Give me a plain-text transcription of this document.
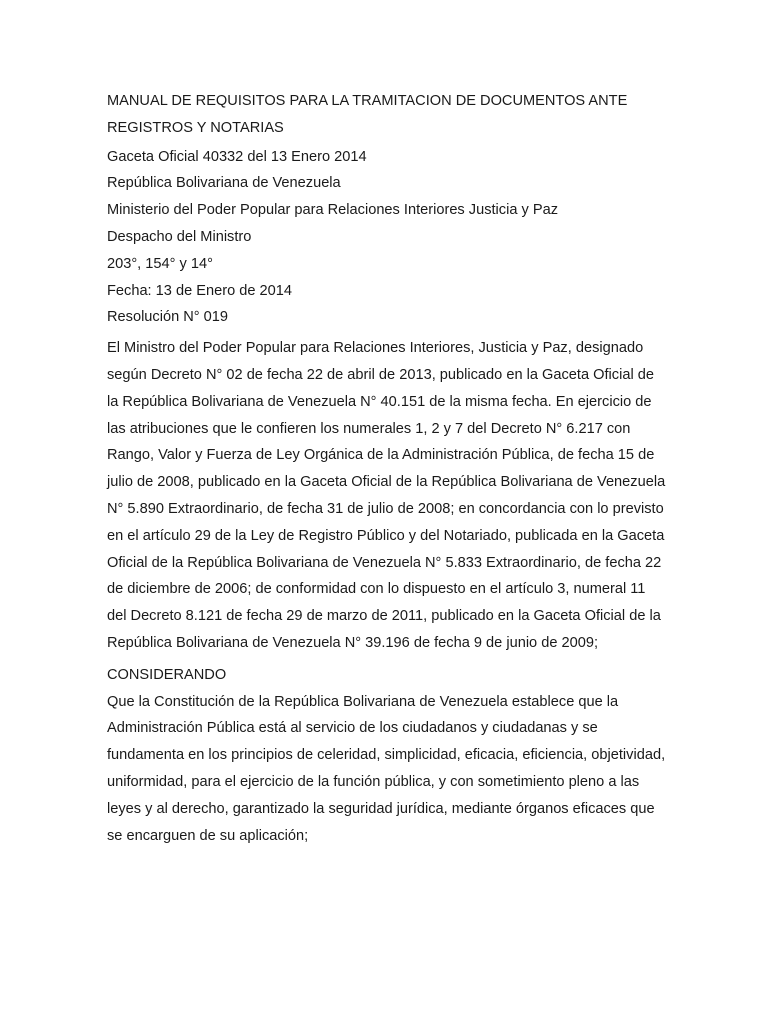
MANUAL DE REQUISITOS PARA LA TRAMITACION DE DOCUMENTOS ANTE REGISTROS Y NOTARIAS
Gaceta Oficial 40332 del 13 Enero 2014
República Bolivariana de Venezuela
Ministerio del Poder Popular para Relaciones Interiores Justicia y Paz
Despacho del Ministro
203°, 154° y 14°
Fecha: 13 de Enero de 2014
Resolución N° 019

El Ministro del Poder Popular para Relaciones Interiores, Justicia y Paz, designado según Decreto N° 02 de fecha 22 de abril de 2013, publicado en la Gaceta Oficial de la República Bolivariana de Venezuela N° 40.151 de la misma fecha. En ejercicio de las atribuciones que le confieren los numerales 1, 2 y 7 del Decreto N° 6.217 con Rango, Valor y Fuerza de Ley Orgánica de la Administración Pública, de fecha 15 de julio de 2008, publicado en la Gaceta Oficial de la República Bolivariana de Venezuela N° 5.890 Extraordinario, de fecha 31 de julio de 2008; en concordancia con lo previsto en el artículo 29 de la Ley de Registro Público y del Notariado, publicada en la Gaceta Oficial de la República Bolivariana de Venezuela N° 5.833 Extraordinario, de fecha 22 de diciembre de 2006; de conformidad con lo dispuesto en el artículo 3, numeral 11 del Decreto 8.121 de fecha 29 de marzo de 2011, publicado en la Gaceta Oficial de la República Bolivariana de Venezuela N° 39.196 de fecha 9 de junio de 2009;

CONSIDERANDO

Que la Constitución de la República Bolivariana de Venezuela establece que la Administración Pública está al servicio de los ciudadanos y ciudadanas y se fundamenta en los principios de celeridad, simplicidad, eficacia, eficiencia, objetividad, uniformidad, para el ejercicio de la función pública, y con sometimiento pleno a las leyes y al derecho, garantizado la seguridad jurídica, mediante órganos eficaces que se encarguen de su aplicación;
